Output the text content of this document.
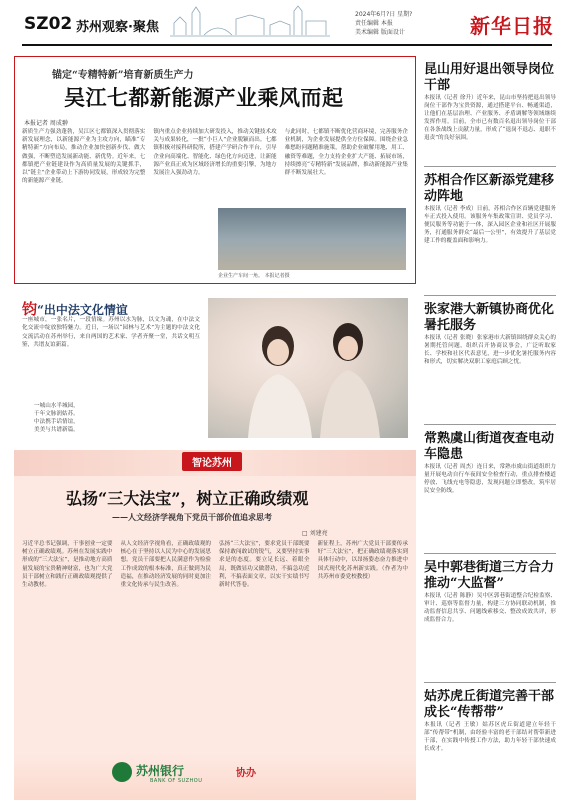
SZ02 苏州观察·聚焦
2024年6月?日 星期?
责任编辑 本报
美术编辑 版面设计	新华日报
锚定“专精特新”培育新质生产力
吴江七都新能源产业乘风而起
本报记者 周成翀
新质生产力强劲蓬勃，吴江区七都镇深入贯彻落实新发展理念，以新能源产业为主攻方向，瞄准“专精特新”方向布局，推动企业加快创新步伐、做大做强，不断塑造发展新动能、新优势。近年来，七都镇把产业链建设作为高质量发展的关键抓手，以“链主”企业带动上下游协同发展，形成较为完整的新能源产业链。
镇内重点企业持续加大研发投入，推动关键技术攻关与成果转化，一批“小巨人”企业脱颖而出。七都镇积极对接科研院所，搭建产学研合作平台，引导企业向高端化、智能化、绿色化方向迈进，让新能源产业真正成为区域经济增长的重要引擎，为地方发展注入强劲动力。
与此同时，七都镇不断优化营商环境，完善服务企业机制，为企业发展提供全方位保障。围绕企业急难愁盼问题精准施策，帮助企业破解用地、用工、融资等难题，全力支持企业扩大产能、拓展市场，持续擦亮“专精特新”发展品牌，推动新能源产业集群不断发展壮大。
企业生产车间一角。 本报记者摄
钧“出中法文化情谊
一座城市，一张名片，一段情缘。苏州以水为脉，以文为魂，在中法文化交流中绽放独特魅力。近日，一场以“园林与艺术”为主题的中法文化交流活动在苏州举行，来自两国的艺术家、学者齐聚一堂，共话文明互鉴，共谱友谊新篇。
一城山水半城园，
千年文脉润姑苏。
中法携手话情谊，
美美与共谱新篇。
智论苏州
弘扬“三大法宝”，树立正确政绩观
——人文经济学视角下党员干部价值追求思考
□ 刘建亮
习近平总书记强调，干事创业一定要树立正确政绩观。苏州在发展实践中形成的“三大法宝”，是推动地方高质量发展的宝贵精神财富，也为广大党员干部树立和践行正确政绩观提供了生动教材。
从人文经济学视角看，正确政绩观的核心在于坚持以人民为中心的发展思想。党员干部要把人民满意作为检验工作成效的根本标准，真正做到为民造福，在推动经济发展的同时更加注重文化传承与民生改善。
弘扬“三大法宝”，要求党员干部既要保持敢闯敢试的锐气，又要坚持实事求是的态度。要立足长远、着眼全局，既做显功又做潜功，不搞急功近利，不搞表面文章，以实干实绩书写新时代答卷。
新征程上，苏州广大党员干部要传承好“三大法宝”，把正确政绩观落实到具体行动中，以昂扬姿态奋力推进中国式现代化苏州新实践。（作者为中共苏州市委党校教授）
苏州银行
BANK OF SUZHOU
协办
昆山用好退出领导岗位干部
本报讯（记者 徐升）近年来，昆山市坚持把退出领导岗位干部作为宝贵资源，通过搭建平台、畅通渠道，让他们在基层治理、产业服务、矛盾调解等领域继续发挥作用。目前，全市已有数百名退出领导岗位干部在各条战线上贡献力量，形成了“退岗不退志、退职不退责”的良好氛围。
苏相合作区新添党建移动阵地
本报讯（记者 李成）日前，苏相合作区首辆党建服务车正式投入使用。该服务车集政策宣讲、党员学习、便民服务等功能于一体，深入园区企业和社区开展服务，打通服务群众“最后一公里”，有效提升了基层党建工作的覆盖面和影响力。
张家港大新镇协商优化暑托服务
本报讯（记者 张晓）张家港市大新镇围绕群众关心的暑期托管问题，组织召开协商议事会，广泛听取家长、学校和社区代表意见，进一步优化暑托服务内容和形式，切实解决双职工家庭后顾之忧。
常熟虞山街道夜查电动车隐患
本报讯（记者 周杰）连日来，常熟市虞山街道组织力量开展电动自行车夜间安全检查行动，重点排查楼道停放、飞线充电等隐患，发现问题立即整改，筑牢居民安全防线。
吴中郭巷街道三方合力推动“大监督”
本报讯（记者 陈静）吴中区郭巷街道整合纪检监察、审计、巡察等监督力量，构建三方协同联动机制，推动监督信息共享、问题线索移交、整改成效共评，形成监督合力。
姑苏虎丘街道完善干部成长“传帮带”
本报讯（记者 王敏）姑苏区虎丘街道建立年轻干部“传帮带”机制，由经验丰富的老干部结对帮带新进干部，在实践中传授工作方法，助力年轻干部快速成长成才。
